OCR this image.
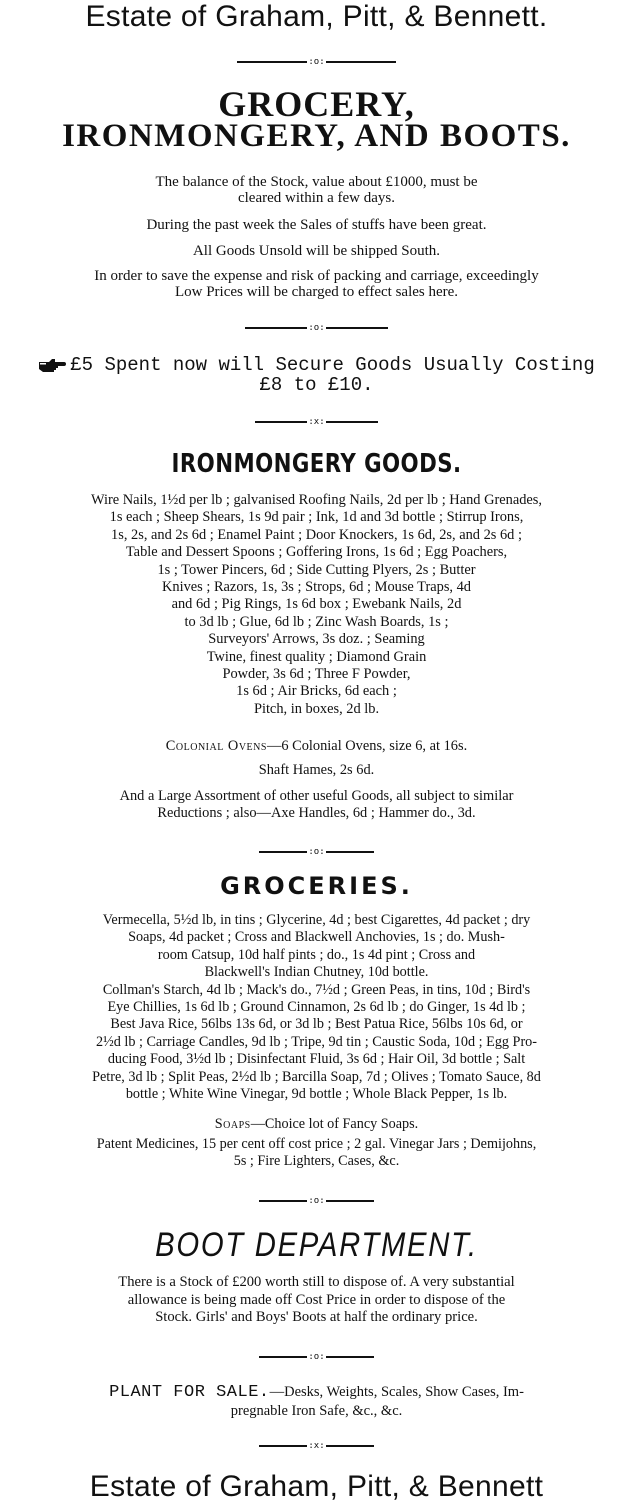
Estate of Graham, Pitt, & Bennett.
:o:
GROCERY,
IRONMONGERY, AND BOOTS.

The balance of the Stock, value about £1000, must be

cleared within a few days.

During the past week the Sales of stuffs have been great.

All Goods Unsold will be shipped South.

In order to save the expense and risk of packing and carriage, exceedingly

Low Prices will be charged to effect sales here.

:o:
£5 Spent now will Secure Goods Usually Costing
£8 to £10.
:x:
IRONMONGERY GOODS.

Wire Nails, 1½d per lb ; galvanised Roofing Nails, 2d per lb ; Hand Grenades,

1s each ; Sheep Shears, 1s 9d pair ; Ink, 1d and 3d bottle ; Stirrup Irons,

1s, 2s, and 2s 6d ; Enamel Paint ; Door Knockers, 1s 6d, 2s, and 2s 6d ;

Table and Dessert Spoons ; Goffering Irons, 1s 6d ; Egg Poachers,

1s ; Tower Pincers, 6d ; Side Cutting Plyers, 2s ; Butter

Knives ; Razors, 1s, 3s ; Strops, 6d ; Mouse Traps, 4d

and 6d ; Pig Rings, 1s 6d box ; Ewebank Nails, 2d

to 3d lb ; Glue, 6d lb ; Zinc Wash Boards, 1s ;

Surveyors' Arrows, 3s doz. ; Seaming

Twine, finest quality ; Diamond Grain

Powder, 3s 6d ; Three F Powder,

1s 6d ; Air Bricks, 6d each ;

Pitch, in boxes, 2d lb.

Colonial Ovens—6 Colonial Ovens, size 6, at 16s.

Shaft Hames, 2s 6d.

And a Large Assortment of other useful Goods, all subject to similar

Reductions ; also—Axe Handles, 6d ; Hammer do., 3d.

:o:
GROCERIES.

Vermecella, 5½d lb, in tins ; Glycerine, 4d ; best Cigarettes, 4d packet ; dry

Soaps, 4d packet ; Cross and Blackwell Anchovies, 1s ; do. Mush-

room Catsup, 10d half pints ; do., 1s 4d pint ; Cross and

Blackwell's Indian Chutney, 10d bottle.

Collman's Starch, 4d lb ; Mack's do., 7½d ; Green Peas, in tins, 10d ; Bird's

Eye Chillies, 1s 6d lb ; Ground Cinnamon, 2s 6d lb ; do Ginger, 1s 4d lb ;

Best Java Rice, 56lbs 13s 6d, or 3d lb ; Best Patua Rice, 56lbs 10s 6d, or

2½d lb ; Carriage Candles, 9d lb ; Tripe, 9d tin ; Caustic Soda, 10d ; Egg Pro-

ducing Food, 3½d lb ; Disinfectant Fluid, 3s 6d ; Hair Oil, 3d bottle ; Salt

Petre, 3d lb ; Split Peas, 2½d lb ; Barcilla Soap, 7d ; Olives ; Tomato Sauce, 8d

bottle ; White Wine Vinegar, 9d bottle ; Whole Black Pepper, 1s lb.

Soaps—Choice lot of Fancy Soaps.

Patent Medicines, 15 per cent off cost price ; 2 gal. Vinegar Jars ; Demijohns,

5s ; Fire Lighters, Cases, &c.

:o:
BOOT DEPARTMENT.

There is a Stock of £200 worth still to dispose of. A very substantial

allowance is being made off Cost Price in order to dispose of the

Stock. Girls' and Boys' Boots at half the ordinary price.

:o:

PLANT FOR SALE.—Desks, Weights, Scales, Show Cases, Im-

pregnable Iron Safe, &c., &c.

:x:
Estate of Graham, Pitt, & Bennett
